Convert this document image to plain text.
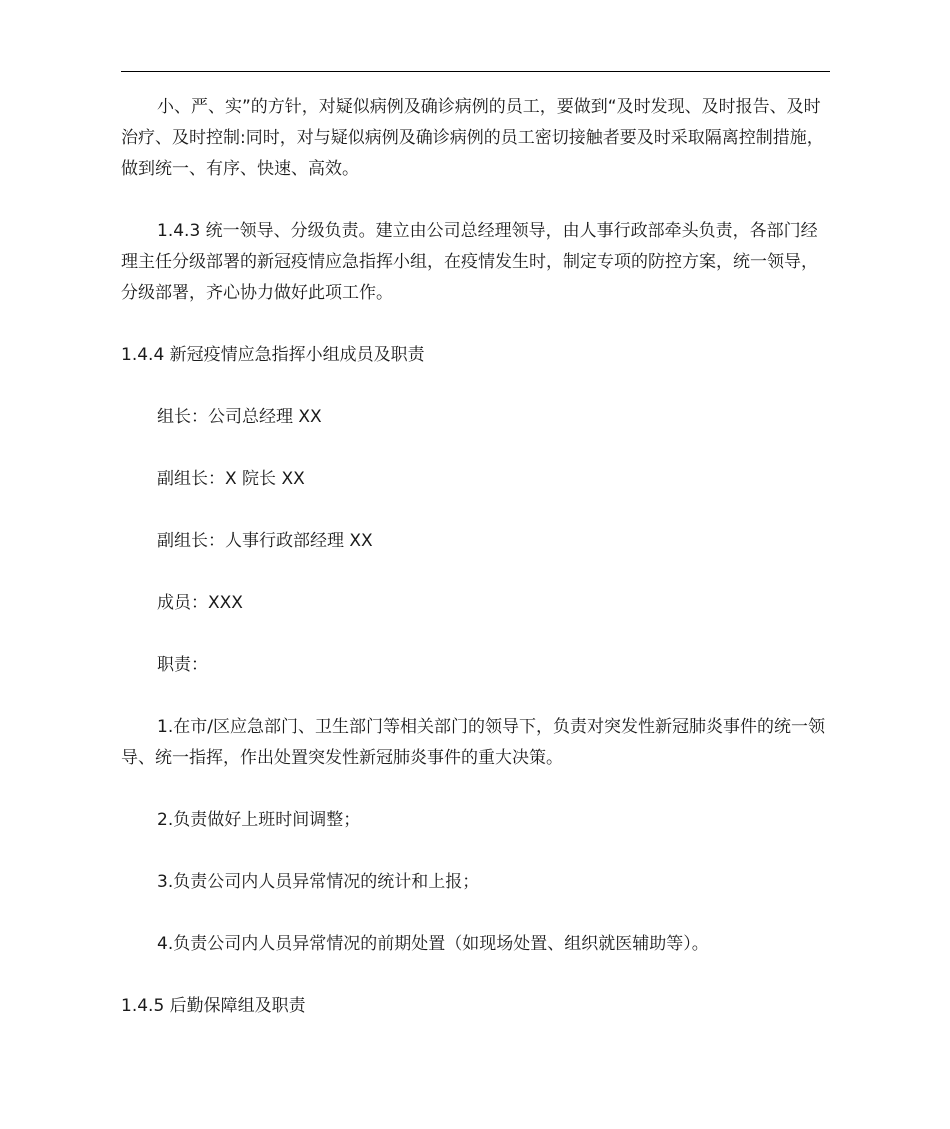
小、严、实”的方针，对疑似病例及确诊病例的员工，要做到“及时发现、及时报告、及时治疗、及时控制:同时，对与疑似病例及确诊病例的员工密切接触者要及时采取隔离控制措施，做到统一、有序、快速、高效。

1.4.3 统一领导、分级负责。建立由公司总经理领导，由人事行政部牵头负责，各部门经理主任分级部署的新冠疫情应急指挥小组，在疫情发生时，制定专项的防控方案，统一领导，分级部署，齐心协力做好此项工作。

1.4.4 新冠疫情应急指挥小组成员及职责

组长：公司总经理 XX

副组长：X 院长 XX

副组长：人事行政部经理 XX

成员：XXX

职责：

1.在市/区应急部门、卫生部门等相关部门的领导下，负责对突发性新冠肺炎事件的统一领导、统一指挥，作出处置突发性新冠肺炎事件的重大决策。

2.负责做好上班时间调整；

3.负责公司内人员异常情况的统计和上报；

4.负责公司内人员异常情况的前期处置（如现场处置、组织就医辅助等）。

1.4.5 后勤保障组及职责
